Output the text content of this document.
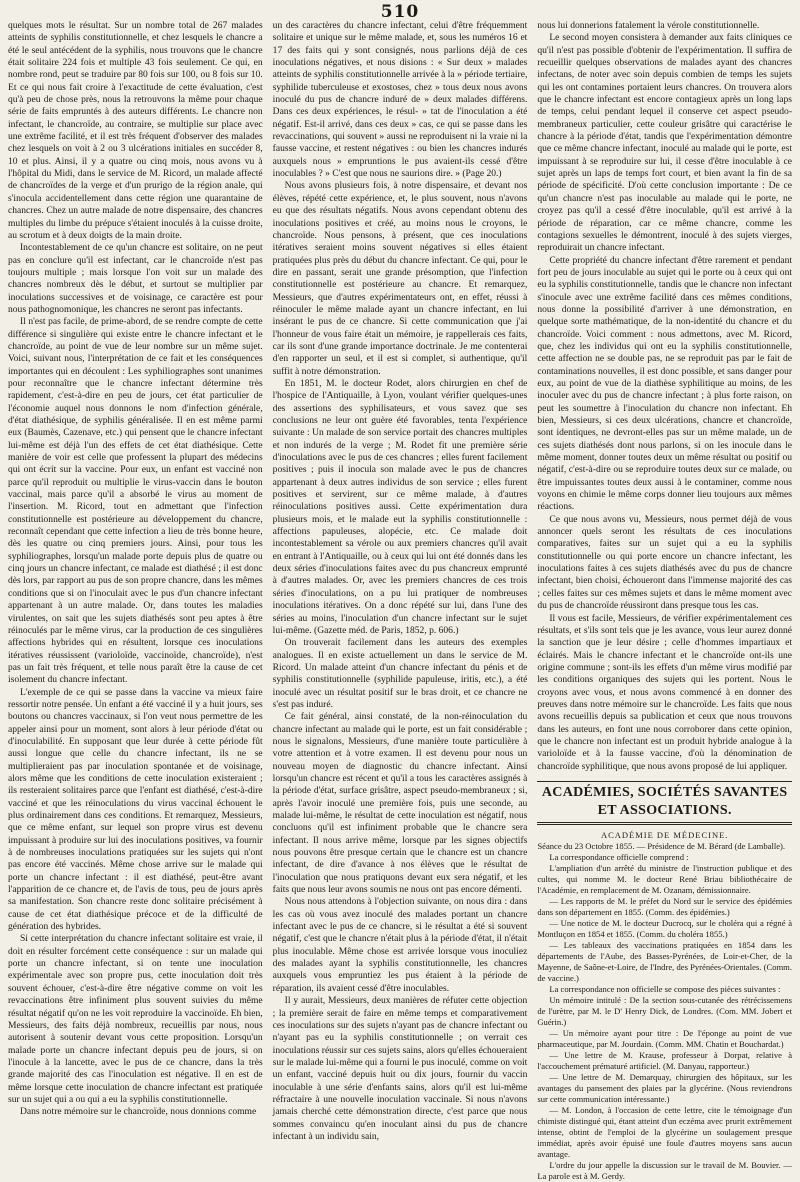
510

quelques mots le résultat. Sur un nombre total de 267 malades atteints de syphilis constitutionnelle, et chez lesquels le chancre a été le seul antécédent de la syphilis, nous trouvons que le chancre était solitaire 224 fois et multiple 43 fois seulement. Ce qui, en nombre rond, peut se traduire par 80 fois sur 100, ou 8 fois sur 10. Et ce qui nous fait croire à l'exactitude de cette évaluation, c'est qu'à peu de chose près, nous la retrouvons la même pour chaque série de faits empruntés à des auteurs différents. Le chancre non infectant, le chancroïde, au contraire, se multiplie sur place avec une extrême facilité, et il est très fréquent d'observer des malades chez lesquels on voit à 2 ou 3 ulcérations initiales en succéder 8, 10 et plus. Ainsi, il y a quatre ou cinq mois, nous avons vu à l'hôpital du Midi, dans le service de M. Ricord, un malade affecté de chancroïdes de la verge et d'un prurigo de la région anale, qui s'inocula accidentellement dans cette région une quarantaine de chancres. Chez un autre malade de notre dispensaire, des chancres multiples du limbe du prépuce s'étaient inoculés à la cuisse droite, au scrotum et à deux doigts de la main droite.

Incontestablement de ce qu'un chancre est solitaire, on ne peut pas en conclure qu'il est infectant, car le chancroïde n'est pas toujours multiple ; mais lorsque l'on voit sur un malade des chancres nombreux dès le début, et surtout se multiplier par inoculations successives et de voisinage, ce caractère est pour nous pathognomonique, les chancres ne seront pas infectants.

Il n'est pas facile, de prime-abord, de se rendre compte de cette différence si singulière qui existe entre le chancre infectant et le chancroïde, au point de vue de leur nombre sur un même sujet. Voici, suivant nous, l'interprétation de ce fait et les conséquences importantes qui en découlent : Les syphiliographes sont unanimes pour reconnaître que le chancre infectant détermine très rapidement, c'est-à-dire en peu de jours, cet état particulier de l'économie auquel nous donnons le nom d'infection générale, d'état diathésique, de syphilis généralisée. Il en est même parmi eux (Baumès, Cazenave, etc.) qui pensent que le chancre infectant lui-même est déjà l'un des effets de cet état diathésique. Cette manière de voir est celle que professent la plupart des médecins qui ont écrit sur la vaccine. Pour eux, un enfant est vacciné non parce qu'il reproduit ou multiplie le virus-vaccin dans le bouton vaccinal, mais parce qu'il a absorbé le virus au moment de l'insertion. M. Ricord, tout en admettant que l'infection constitutionnelle est postérieure au développement du chancre, reconnaît cependant que cette infection a lieu de très bonne heure, dès les quatre ou cinq premiers jours. Ainsi, pour tous les syphiliographes, lorsqu'un malade porte depuis plus de quatre ou cinq jours un chancre infectant, ce malade est diathésé ; il est donc dès lors, par rapport au pus de son propre chancre, dans les mêmes conditions que si on l'inoculait avec le pus d'un chancre infectant appartenant à un autre malade. Or, dans toutes les maladies virulentes, on sait que les sujets diathésés sont peu aptes à être réinoculés par le même virus, car la production de ces singulières affections hybrides qui en résultent, lorsque ces inoculations itératives réussissent (varioloïde, vaccinoïde, chancroïde), n'est pas un fait très fréquent, et telle nous paraît être la cause de cet isolement du chancre infectant.

L'exemple de ce qui se passe dans la vaccine va mieux faire ressortir notre pensée. Un enfant a été vacciné il y a huit jours, ses boutons ou chancres vaccinaux, si l'on veut nous permettre de les appeler ainsi pour un moment, sont alors à leur période d'état ou d'inoculabilité. En supposant que leur durée à cette période fût aussi longue que celle du chancre infectant, ils ne se multiplieraient pas par inoculation spontanée et de voisinage, alors même que les conditions de cette inoculation existeraient ; ils resteraient solitaires parce que l'enfant est diathésé, c'est-à-dire vacciné et que les réinoculations du virus vaccinal échouent le plus ordinairement dans ces conditions. Et remarquez, Messieurs, que ce même enfant, sur lequel son propre virus est devenu impuissant à produire sur lui des inoculations positives, va fournir à de nombreuses inoculations pratiquées sur les sujets qui n'ont pas encore été vaccinés. Même chose arrive sur le malade qui porte un chancre infectant : il est diathésé, peut-être avant l'apparition de ce chancre et, de l'avis de tous, peu de jours après sa manifestation. Son chancre reste donc solitaire précisément à cause de cet état diathésique précoce et de la difficulté de génération des hybrides.

Si cette interprétation du chancre infectant solitaire est vraie, il doit en résulter forcément cette conséquence : sur un malade qui porte un chancre infectant, si on tente une inoculation expérimentale avec son propre pus, cette inoculation doit très souvent échouer, c'est-à-dire être négative comme on voit les revaccinations être infiniment plus souvent suivies du même résultat négatif qu'on ne les voit reproduire la vaccinoïde. Eh bien, Messieurs, des faits déjà nombreux, recueillis par nous, nous autorisent à soutenir devant vous cette proposition. Lorsqu'un malade porte un chancre infectant depuis peu de jours, si on l'inocule à la lancette, avec le pus de ce chancre, dans la très grande majorité des cas l'inoculation est négative. Il en est de même lorsque cette inoculation de chancre infectant est pratiquée sur un sujet qui a ou qui a eu la syphilis constitutionnelle.

Dans notre mémoire sur le chancroïde, nous donnions comme

un des caractères du chancre infectant, celui d'être fréquemment solitaire et unique sur le même malade, et, sous les numéros 16 et 17 des faits qui y sont consignés, nous parlions déjà de ces inoculations négatives, et nous disions : « Sur deux » malades atteints de syphilis constitutionnelle arrivée à la » période tertiaire, syphilide tuberculeuse et exostoses, chez » tous deux nous avons inoculé du pus de chancre induré de » deux malades différens. Dans ces deux expériences, le résul- » tat de l'inoculation a été négatif. Est-il arrivé, dans ces deux » cas, ce qui se passe dans les revaccinations, qui souvent » aussi ne reproduisent ni la vraie ni la fausse vaccine, et restent négatives : ou bien les chancres indurés auxquels nous » empruntions le pus avaient-ils cessé d'être inoculables ? » C'est que nous ne saurions dire. » (Page 20.)

Nous avons plusieurs fois, à notre dispensaire, et devant nos élèves, répété cette expérience, et, le plus souvent, nous n'avons eu que des résultats négatifs. Nous avons cependant obtenu des inoculations positives et créé, au moins nous le croyons, le chancroïde. Nous pensons, à présent, que ces inoculations itératives seraient moins souvent négatives si elles étaient pratiquées plus près du début du chancre infectant. Ce qui, pour le dire en passant, serait une grande présomption, que l'infection constitutionnelle est postérieure au chancre. Et remarquez, Messieurs, que d'autres expérimentateurs ont, en effet, réussi à réinoculer le même malade ayant un chancre infectant, en lui insérant le pus de ce chancre. Si cette communication que j'ai l'honneur de vous faire était un mémoire, je rappellerais ces faits, car ils sont d'une grande importance doctrinale. Je me contenterai d'en rapporter un seul, et il est si complet, si authentique, qu'il suffit à notre démonstration.

En 1851, M. le docteur Rodet, alors chirurgien en chef de l'hospice de l'Antiquaille, à Lyon, voulant vérifier quelques-unes des assertions des syphilisateurs, et vous savez que ses conclusions ne leur ont guère été favorables, tenta l'expérience suivante : Un malade de son service portait des chancres multiples et non indurés de la verge ; M. Rodet fit une première série d'inoculations avec le pus de ces chancres ; elles furent facilement positives ; puis il inocula son malade avec le pus de chancres appartenant à deux autres individus de son service ; elles furent positives et servirent, sur ce même malade, à d'autres réinoculations positives aussi. Cette expérimentation dura plusieurs mois, et le malade eut la syphilis constitutionnelle : affections papuleuses, alopécie, etc. Ce malade doit incontestablement sa vérole ou aux premiers chancres qu'il avait en entrant à l'Antiquaille, ou à ceux qui lui ont été donnés dans les deux séries d'inoculations faites avec du pus chancreux emprunté à d'autres malades. Or, avec les premiers chancres de ces trois séries d'inoculations, on a pu lui pratiquer de nombreuses inoculations itératives. On a donc répété sur lui, dans l'une des séries au moins, l'inoculation d'un chancre infectant sur le sujet lui-même. (Gazette méd. de Paris, 1852, p. 606.)

On trouverait facilement dans les auteurs des exemples analogues. Il en existe actuellement un dans le service de M. Ricord. Un malade atteint d'un chancre infectant du pénis et de syphilis constitutionnelle (syphilide papuleuse, iritis, etc.), a été inoculé avec un résultat positif sur le bras droit, et ce chancre ne s'est pas induré.

Ce fait général, ainsi constaté, de la non-réinoculation du chancre infectant au malade qui le porte, est un fait considérable ; nous le signalons, Messieurs, d'une manière toute particulière à votre attention et à votre examen. Il est devenu pour nous un nouveau moyen de diagnostic du chancre infectant. Ainsi lorsqu'un chancre est récent et qu'il a tous les caractères assignés à la période d'état, surface grisâtre, aspect pseudo-membraneux ; si, après l'avoir inoculé une première fois, puis une seconde, au malade lui-même, le résultat de cette inoculation est négatif, nous concluons qu'il est infiniment probable que le chancre sera infectant. Il nous arrive même, lorsque par les signes objectifs nous pouvons être presque certain que le chancre est un chancre infectant, de dire d'avance à nos élèves que le résultat de l'inoculation que nous pratiquons devant eux sera négatif, et les faits que nous leur avons soumis ne nous ont pas encore démenti.

Nous nous attendons à l'objection suivante, on nous dira : dans les cas où vous avez inoculé des malades portant un chancre infectant avec le pus de ce chancre, si le résultat a été si souvent négatif, c'est que le chancre n'était plus à la période d'état, il n'était plus inoculable. Même chose est arrivée lorsque vous inoculiez des malades ayant la syphilis constitutionnelle, les chancres auxquels vous empruntiez les pus étaient à la période de réparation, ils avaient cessé d'être inoculables.

Il y aurait, Messieurs, deux manières de réfuter cette objection ; la première serait de faire en même temps et comparativement ces inoculations sur des sujets n'ayant pas de chancre infectant ou n'ayant pas eu la syphilis constitutionnelle ; on verrait ces inoculations réussir sur ces sujets sains, alors qu'elles échoueraient sur le malade lui-même qui a fourni le pus inoculé, comme on voit un enfant, vacciné depuis huit ou dix jours, fournir du vaccin inoculable à une série d'enfants sains, alors qu'il est lui-même réfractaire à une nouvelle inoculation vaccinale. Si nous n'avons jamais cherché cette démonstration directe, c'est parce que nous sommes convaincu qu'en inoculant ainsi du pus de chancre infectant à un individu sain,

nous lui donnerions fatalement la vérole constitutionnelle.

Le second moyen consistera à demander aux faits cliniques ce qu'il n'est pas possible d'obtenir de l'expérimentation. Il suffira de recueillir quelques observations de malades ayant des chancres infectans, de noter avec soin depuis combien de temps les sujets qui les ont contamines portaient leurs chancres. On trouvera alors que le chancre infectant est encore contagieux après un long laps de temps, celui pendant lequel il conserve cet aspect pseudo-membraneux particulier, cette couleur grisâtre qui caractérise le chancre à la période d'état, tandis que l'expérimentation démontre que ce même chancre infectant, inoculé au malade qui le porte, est impuissant à se reproduire sur lui, il cesse d'être inoculable à ce sujet après un laps de temps fort court, et bien avant la fin de sa période de spécificité. D'où cette conclusion importante : De ce qu'un chancre n'est pas inoculable au malade qui le porte, ne croyez pas qu'il a cessé d'être inoculable, qu'il est arrivé à la période de réparation, car ce même chancre, comme les contagions sexuelles le démontrent, inoculé à des sujets vierges, reproduirait un chancre infectant.

Cette propriété du chancre infectant d'être rarement et pendant fort peu de jours inoculable au sujet qui le porte ou à ceux qui ont eu la syphilis constitutionnelle, tandis que le chancre non infectant s'inocule avec une extrême facilité dans ces mêmes conditions, nous donne la possibilité d'arriver à une démonstration, en quelque sorte mathématique, de la non-identité du chancre et du chancroïde. Voici comment : nous admettons, avec M. Ricord, que, chez les individus qui ont eu la syphilis constitutionnelle, cette affection ne se double pas, ne se reproduit pas par le fait de contaminations nouvelles, il est donc possible, et sans danger pour eux, au point de vue de la diathèse syphilitique au moins, de les inoculer avec du pus de chancre infectant ; à plus forte raison, on peut les soumettre à l'inoculation du chancre non infectant. Eh bien, Messieurs, si ces deux ulcérations, chancre et chancroïde, sont identiques, ne devront-elles pas sur un même malade, un de ces sujets diathésés dont nous parlons, si on les inocule dans le même moment, donner toutes deux un même résultat ou positif ou négatif, c'est-à-dire ou se reproduire toutes deux sur ce malade, ou être impuissantes toutes deux aussi à le contaminer, comme nous voyons en chimie le même corps donner lieu toujours aux mêmes réactions.

Ce que nous avons vu, Messieurs, nous permet déjà de vous annoncer quels seront les résultats de ces inoculations comparatives, faites sur un sujet qui a eu la syphilis constitutionnelle ou qui porte encore un chancre infectant, les inoculations faites à ces sujets diathésés avec du pus de chancre infectant, bien choisi, échoueront dans l'immense majorité des cas ; celles faites sur ces mêmes sujets et dans le même moment avec du pus de chancroïde réussiront dans presque tous les cas.

Il vous est facile, Messieurs, de vérifier expérimentalement ces résultats, et s'ils sont tels que je les avance, vous leur aurez donné la sanction que je leur désire ; celle d'hommes impartiaux et éclairés. Mais le chancre infectant et le chancroïde ont-ils une origine commune ; sont-ils les effets d'un même virus modifié par les conditions organiques des sujets qui les portent. Nous le croyons avec vous, et nous avons commencé à en donner des preuves dans notre mémoire sur le chancroïde. Les faits que nous avons recueillis depuis sa publication et ceux que nous trouvons dans les auteurs, en font une nous corroborer dans cette opinion, que le chancre non infectant est un produit hybride analogue à la varioloïde et à la fausse vaccine, d'où la dénomination de chancroïde syphilitique, que nous avons proposé de lui appliquer.

ACADÉMIES, SOCIÉTÉS SAVANTES ET ASSOCIATIONS.
ACADÉMIE DE MÉDECINE.

Séance du 23 Octobre 1855. — Présidence de M. Bérard (de Lamballe).

La correspondance officielle comprend :

L'ampliation d'un arrêté du ministre de l'instruction publique et des cultes, qui nomme M. le docteur René Briau bibliothécaire de l'Académie, en remplacement de M. Ozanam, démissionnaire.

— Les rapports de M. le préfet du Nord sur le service des épidémies dans son département en 1855. (Comm. des épidémies.)

— Une notice de M. le docteur Ducrocq, sur le choléra qui a régné à Montluçon en 1854 et 1855. (Comm. du choléra 1855.)

— Les tableaux des vaccinations pratiquées en 1854 dans les départements de l'Aube, des Basses-Pyrénées, de Loir-et-Cher, de la Mayenne, de Saône-et-Loire, de l'Indre, des Pyrénées-Orientales. (Comm. de vaccine.)

La correspondance non officielle se compose des pièces suivantes :

Un mémoire intitulé : De la section sous-cutanée des rétrécissemens de l'urètre, par M. le D' Henry Dick, de Londres. (Com. MM. Jobert et Guérin.)

— Un mémoire ayant pour titre : De l'éponge au point de vue pharmaceutique, par M. Jourdain. (Comm. MM. Chatin et Bouchardat.)

— Une lettre de M. Krause, professeur à Dorpat, relative à l'accouchement prématuré artificiel. (M. Danyau, rapporteur.)

— Une lettre de M. Demarquay, chirurgien des hôpitaux, sur les avantages du pansement des plaies par la glycérine. (Nous reviendrons sur cette communication intéressante.)

— M. London, à l'occasion de cette lettre, cite le témoignage d'un chimiste distingué qui, étant atteint d'un eczéma avec prurit extrêmement intense, obtint de l'emploi de la glycérine un soulagement presque immédiat, après avoir épuisé une foule d'autres moyens sans aucun avantage.

L'ordre du jour appelle la discussion sur le travail de M. Bouvier. — La parole est à M. Gerdy.
